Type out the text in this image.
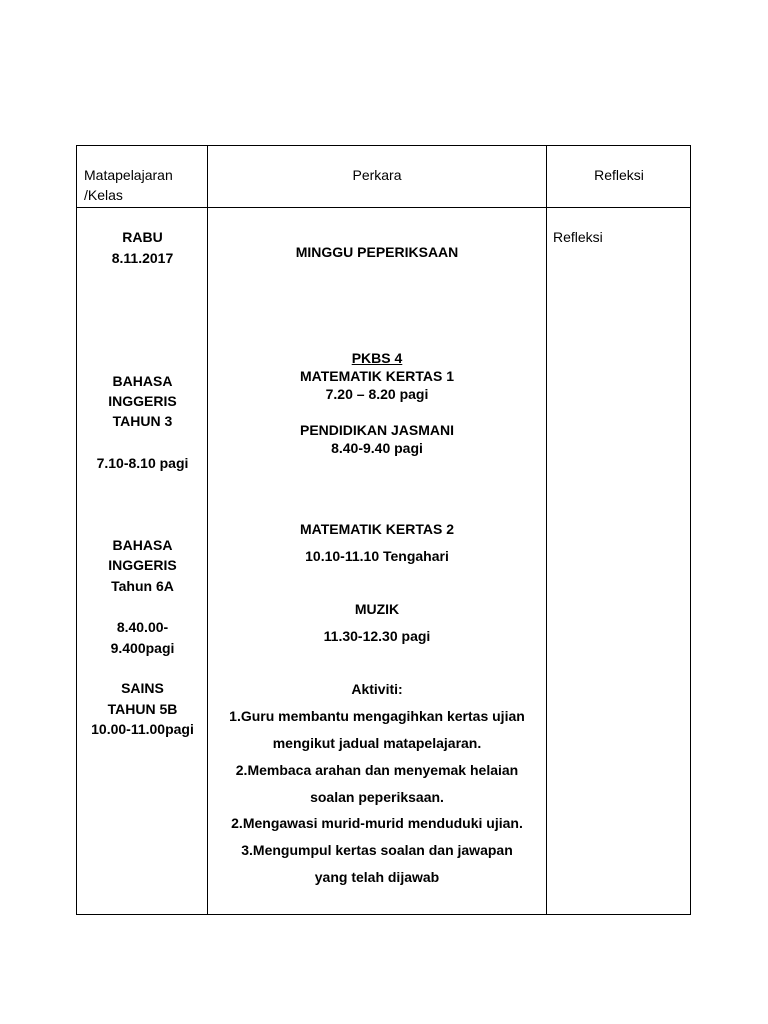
Matapelajaran
/Kelas
Perkara	Refleksi
RABU
8.11.2017
BAHASA
INGGERIS
TAHUN 3
7.10-8.10 pagi
BAHASA
INGGERIS
Tahun 6A
8.40.00-
9.400pagi
SAINS
TAHUN 5B
10.00-11.00pagi
MINGGU PEPERIKSAAN
PKBS 4
MATEMATIK KERTAS 1
7.20 – 8.20 pagi
PENDIDIKAN JASMANI
8.40-9.40 pagi
MATEMATIK KERTAS 2
10.10-11.10 Tengahari
MUZIK
11.30-12.30 pagi
Aktiviti:
1.Guru membantu mengagihkan kertas ujian
mengikut jadual matapelajaran.
2.Membaca arahan dan menyemak helaian
soalan peperiksaan.
2.Mengawasi murid-murid menduduki ujian.
3.Mengumpul kertas soalan dan jawapan
yang telah dijawab
Refleksi
